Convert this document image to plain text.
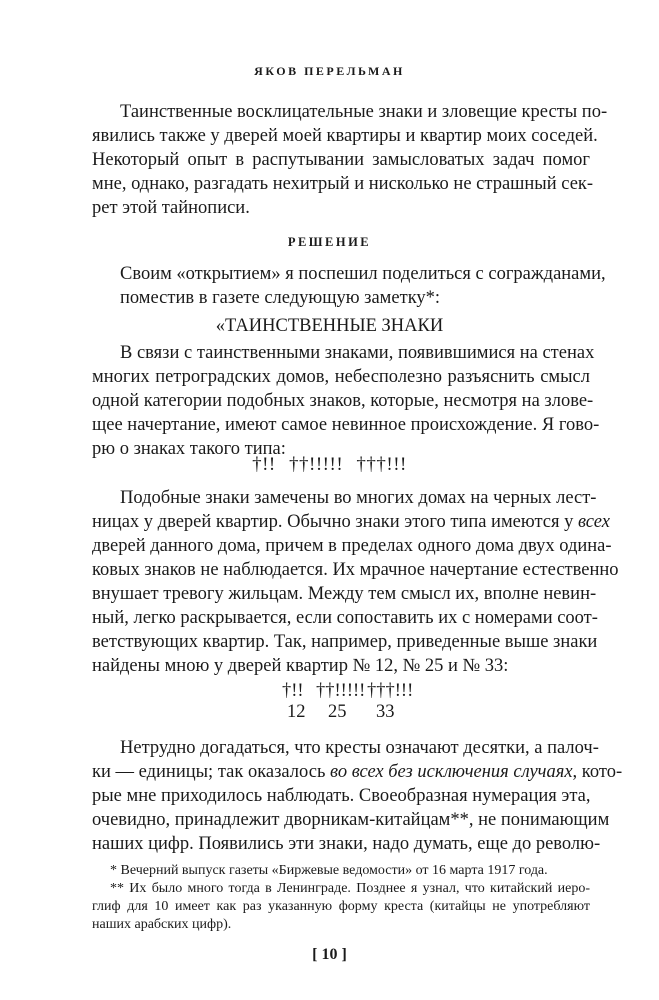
ЯКОВ ПЕРЕЛЬМАН
Таинственные восклицательные знаки и зловещие кресты по-
явились также у дверей моей квартиры и квартир моих соседей.
Некоторый опыт в распутывании замысловатых задач помог
мне, однако, разгадать нехитрый и нисколько не страшный сек-
рет этой тайнописи.
РЕШЕНИЕ
Своим «открытием» я поспешил поделиться с согражданами,
поместив в газете следующую заметку*:
«ТАИНСТВЕННЫЕ ЗНАКИ
В связи с таинственными знаками, появившимися на стенах
многих петроградских домов, небесполезно разъяснить смысл
одной категории подобных знаков, которые, несмотря на злове-
щее начертание, имеют самое невинное происхождение. Я гово-
рю о знаках такого типа:
†!! ††!!!!! †††!!!
Подобные знаки замечены во многих домах на черных лест-
ницах у дверей квартир. Обычно знаки этого типа имеются у всех
дверей данного дома, причем в пределах одного дома двух одина-
ковых знаков не наблюдается. Их мрачное начертание естественно
внушает тревогу жильцам. Между тем смысл их, вполне невин-
ный, легко раскрывается, если сопоставить их с номерами соот-
ветствующих квартир. Так, например, приведенные выше знаки
найдены мною у дверей квартир № 12, № 25 и № 33:
†!! ††!!!!! †††!!!
12 25 33
Нетрудно догадаться, что кресты означают десятки, а палоч-
ки — единицы; так оказалось во всех без исключения случаях, кото-
рые мне приходилось наблюдать. Своеобразная нумерация эта,
очевидно, принадлежит дворникам-китайцам**, не понимающим
наших цифр. Появились эти знаки, надо думать, еще до револю-
* Вечерний выпуск газеты «Биржевые ведомости» от 16 марта 1917 года.
** Их было много тогда в Ленинграде. Позднее я узнал, что китайский иеро-
глиф для 10 имеет как раз указанную форму креста (китайцы не употребляют
наших арабских цифр).
[ 10 ]
